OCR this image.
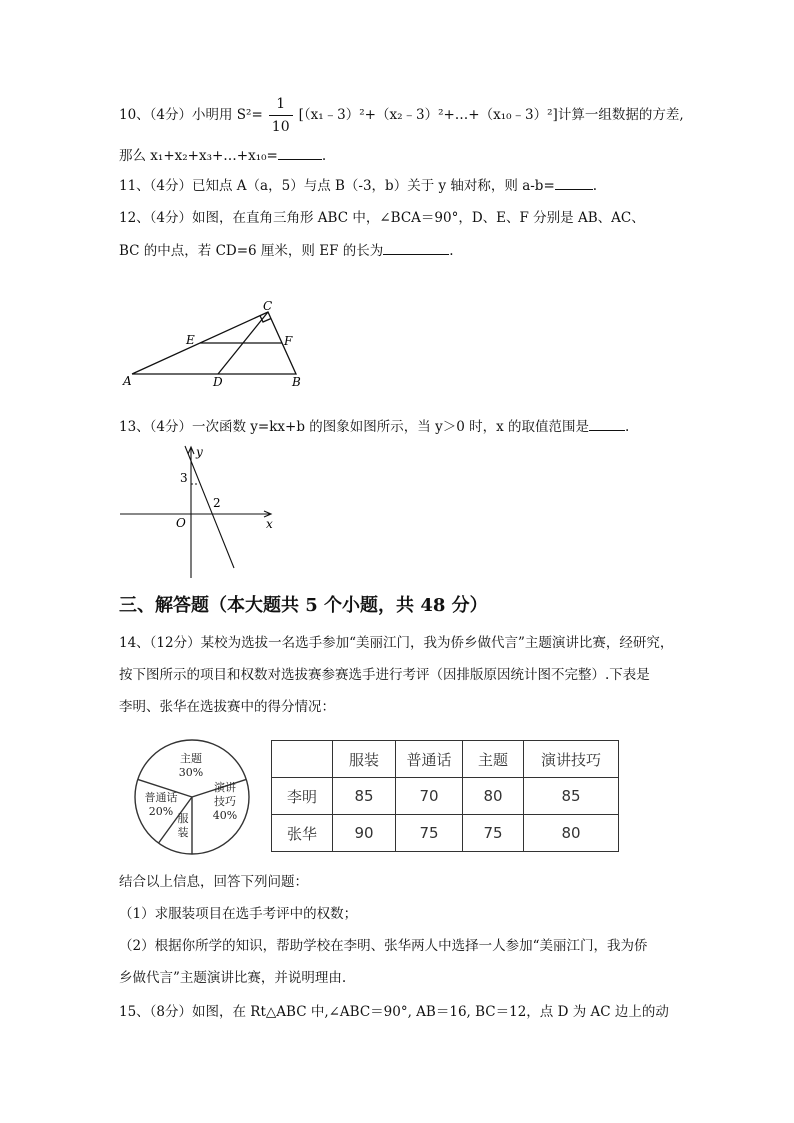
10、（4分）小明用 $S^2= \frac{1}{10}$ [（x₁﹣3）²+（x₂﹣3）²+…+（x₁₀﹣3）²]计算一组数据的方差,
那么 x₁+x₂+x₃+…+x₁₀=	.
11、（4分）已知点 A（a，5）与点 B（-3，b）关于 y 轴对称，则 a-b=	.
12、（4分）如图，在直角三角形 ABC 中，∠BCA＝90°，D、E、F 分别是 AB、AC、
BC 的中点，若 CD=6 厘米，则 EF 的长为	.
A	B
C
D
E	F
13、（4分）一次函数 y=kx+b 的图象如图所示，当 y＞0 时，x 的取值范围是	.
y
x
O
3
2
三、解答题（本大题共 5 个小题，共 48 分）
14、（12分）某校为选拔一名选手参加“美丽江门，我为侨乡做代言”主题演讲比赛，经研究，
按下图所示的项目和权数对选拔赛参赛选手进行考评（因排版原因统计图不完整）.下表是
李明、张华在选拔赛中的得分情况：
主题
30%
演讲
技巧
40%
服
装
普通话
20%
	服装	普通话	主题	演讲技巧
李明	85	70	80	85
张华	90	75	75	80
结合以上信息，回答下列问题：
（1）求服装项目在选手考评中的权数；
（2）根据你所学的知识，帮助学校在李明、张华两人中选择一人参加“美丽江门，我为侨
乡做代言”主题演讲比赛，并说明理由.
15、（8分）如图，在 Rt△ABC 中,∠ABC＝90°, AB＝16, BC＝12，点 D 为 AC 边上的动
